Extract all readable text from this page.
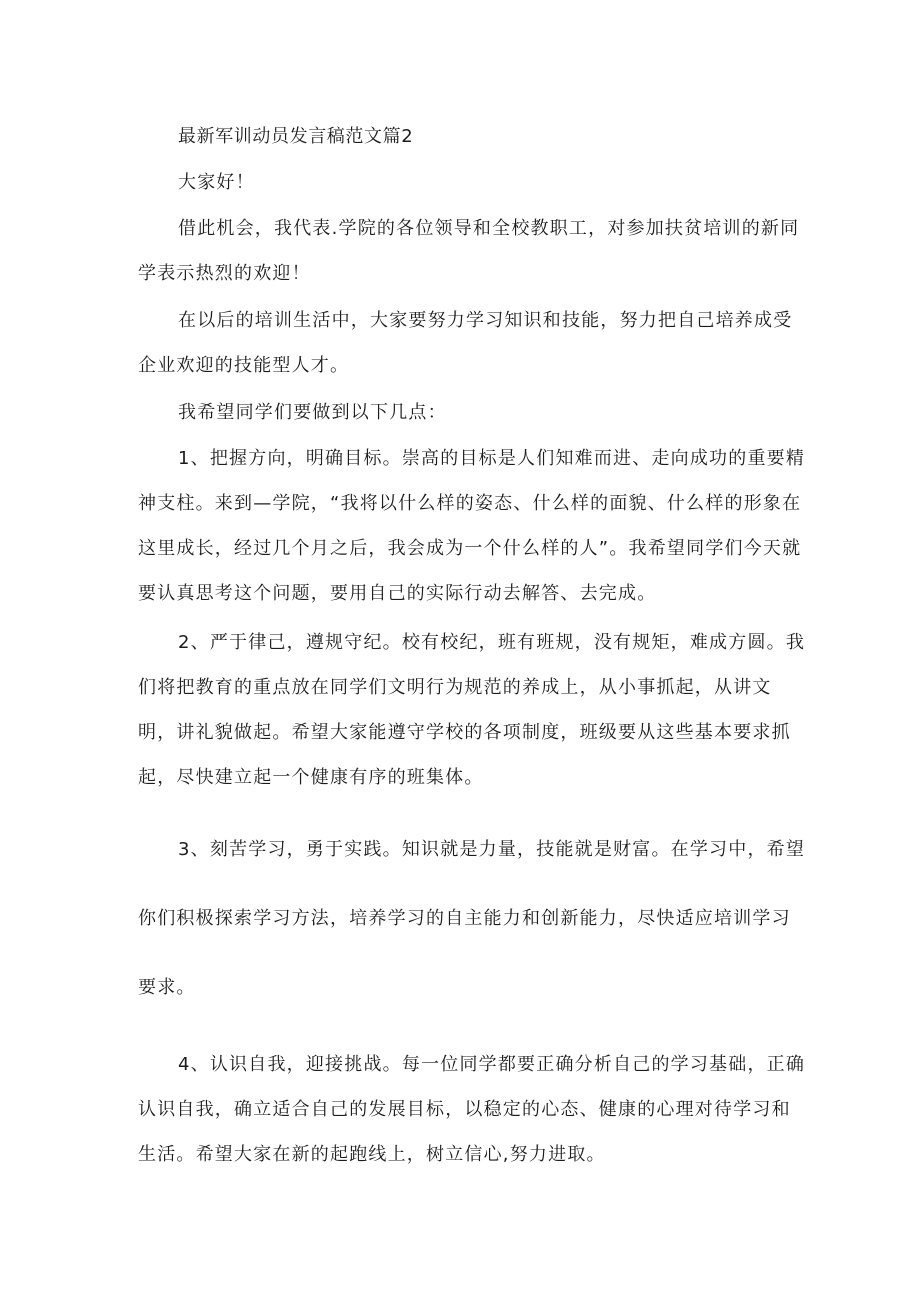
最新军训动员发言稿范文篇2

大家好！

借此机会，我代表.学院的各位领导和全校教职工，对参加扶贫培训的新同学表示热烈的欢迎！

在以后的培训生活中，大家要努力学习知识和技能，努力把自己培养成受企业欢迎的技能型人才。

我希望同学们要做到以下几点：

1、把握方向，明确目标。崇高的目标是人们知难而进、走向成功的重要精神支柱。来到—学院，“我将以什么样的姿态、什么样的面貌、什么样的形象在这里成长，经过几个月之后，我会成为一个什么样的人”。我希望同学们今天就要认真思考这个问题，要用自己的实际行动去解答、去完成。

2、严于律己，遵规守纪。校有校纪，班有班规，没有规矩，难成方圆。我们将把教育的重点放在同学们文明行为规范的养成上，从小事抓起，从讲文明，讲礼貌做起。希望大家能遵守学校的各项制度，班级要从这些基本要求抓起，尽快建立起一个健康有序的班集体。

3、刻苦学习，勇于实践。知识就是力量，技能就是财富。在学习中，希望你们积极探索学习方法，培养学习的自主能力和创新能力，尽快适应培训学习要求。

4、认识自我，迎接挑战。每一位同学都要正确分析自己的学习基础，正确认识自我，确立适合自己的发展目标，以稳定的心态、健康的心理对待学习和生活。希望大家在新的起跑线上，树立信心,努力进取。
